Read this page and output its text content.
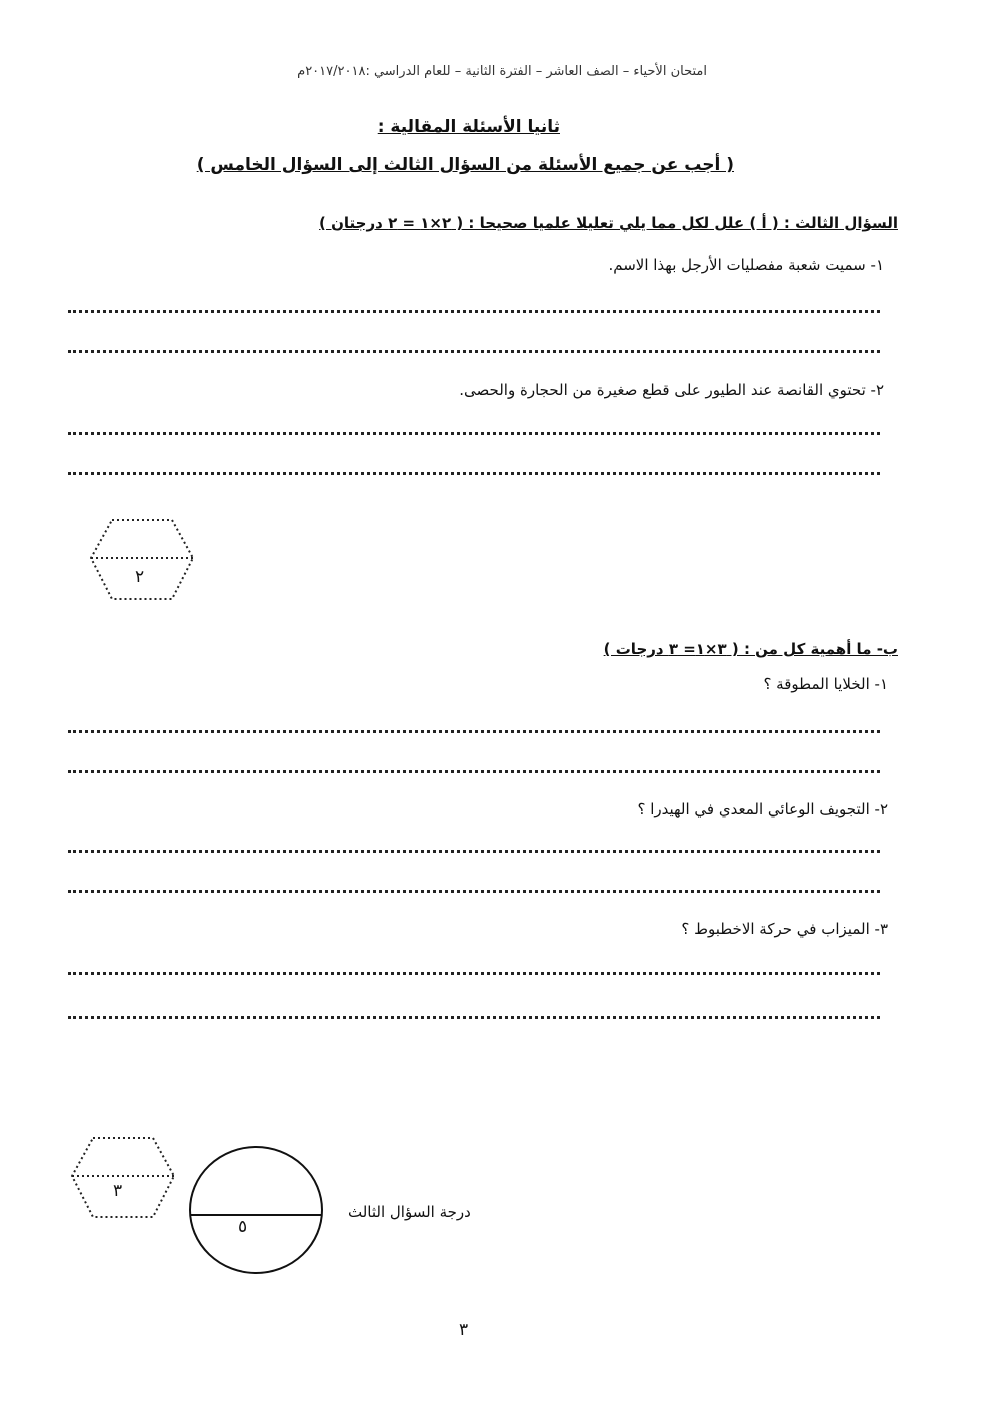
امتحان الأحياء – الصف العاشر – الفترة الثانية – للعام الدراسي :٢٠١٧/٢٠١٨م
ثانيا الأسئلة المقالية :
( أجب عن جميع الأسئلة من السؤال الثالث إلى السؤال الخامس )
السؤال الثالث : ( أ ) علل لكل مما يلي تعليلا علميا صحيحا : ( ٢×١ = ٢ درجتان )
١- سميت شعبة مفصليات الأرجل بهذا الاسم.
٢- تحتوي القانصة عند الطيور على قطع صغيرة من الحجارة والحصى.
٢
ب- ما أهمية كل من : ( ٣×١= ٣ درجات )
١- الخلايا المطوقة ؟
٢- التجويف الوعائي المعدي في الهيدرا ؟
٣- الميزاب في حركة الاخطبوط ؟
٣
٥
درجة السؤال الثالث
٣
